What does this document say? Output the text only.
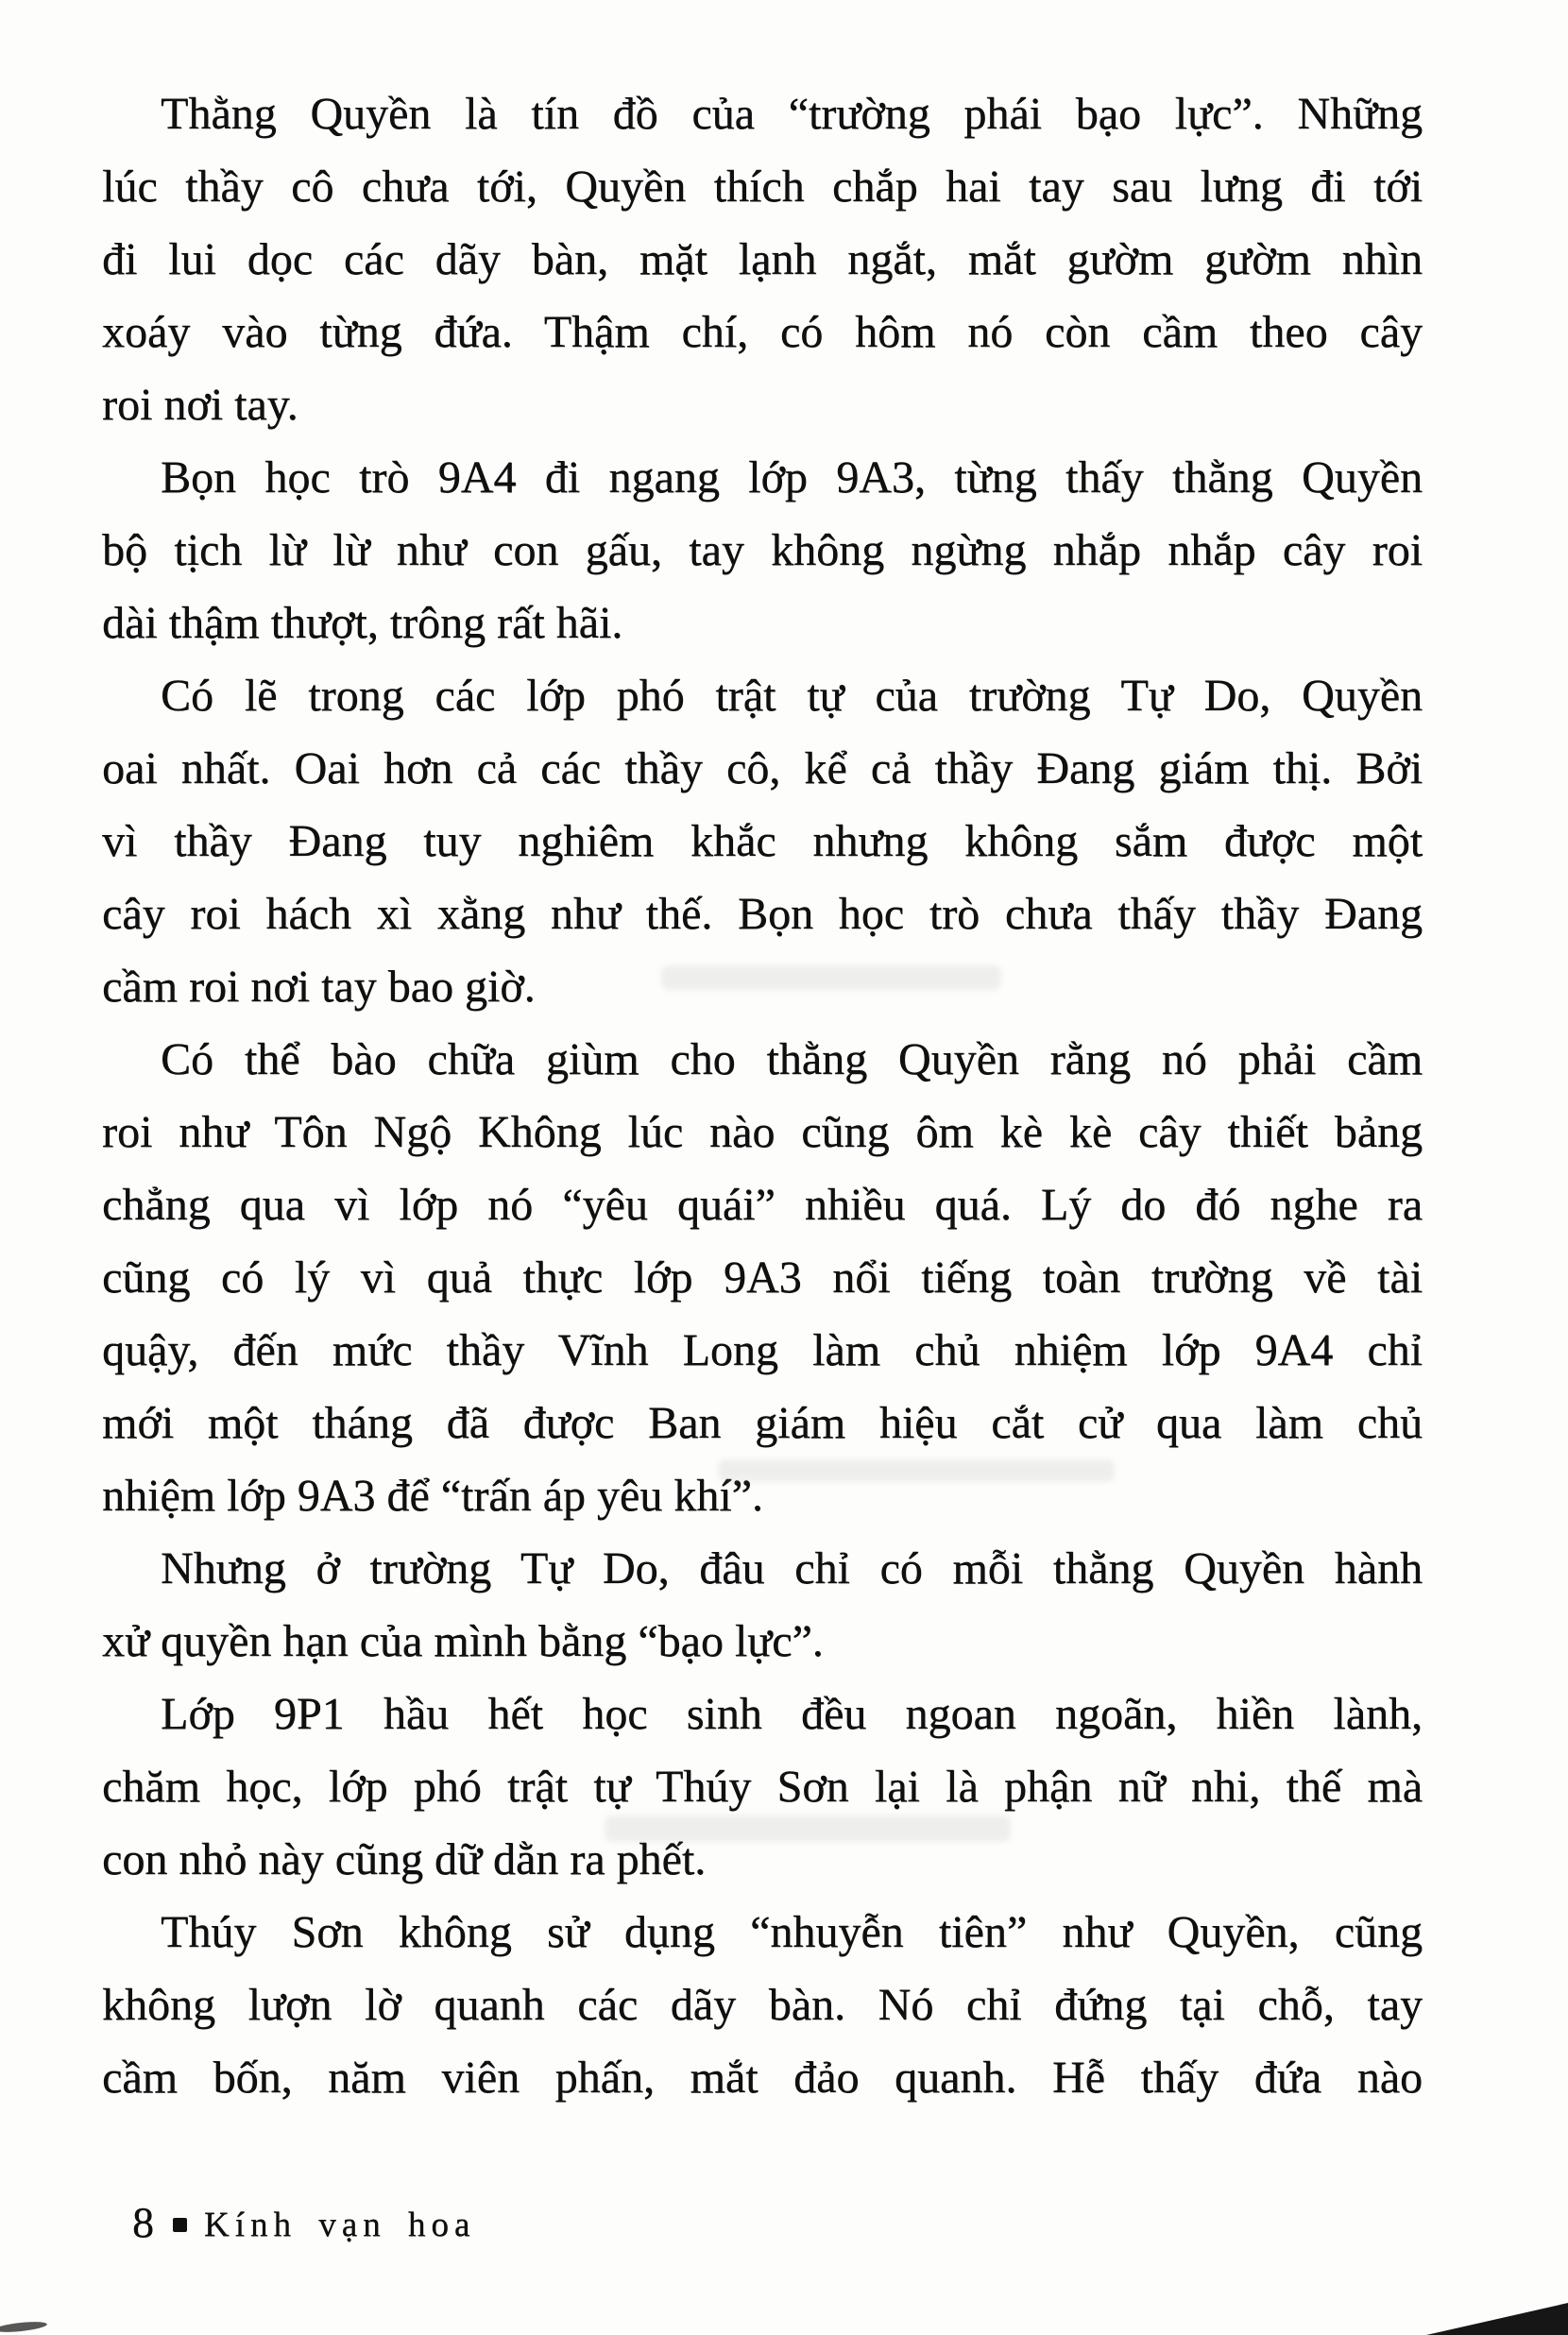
Thằng Quyền là tín đồ của “trường phái bạo lực”. Những
lúc thầy cô chưa tới, Quyền thích chắp hai tay sau lưng đi tới
đi lui dọc các dãy bàn, mặt lạnh ngắt, mắt gườm gườm nhìn
xoáy vào từng đứa. Thậm chí, có hôm nó còn cầm theo cây
roi nơi tay.
Bọn học trò 9A4 đi ngang lớp 9A3, từng thấy thằng Quyền
bộ tịch lừ lừ như con gấu, tay không ngừng nhắp nhắp cây roi
dài thậm thượt, trông rất hãi.
Có lẽ trong các lớp phó trật tự của trường Tự Do, Quyền
oai nhất. Oai hơn cả các thầy cô, kể cả thầy Đang giám thị. Bởi
vì thầy Đang tuy nghiêm khắc nhưng không sắm được một
cây roi hách xì xằng như thế. Bọn học trò chưa thấy thầy Đang
cầm roi nơi tay bao giờ.
Có thể bào chữa giùm cho thằng Quyền rằng nó phải cầm
roi như Tôn Ngộ Không lúc nào cũng ôm kè kè cây thiết bảng
chẳng qua vì lớp nó “yêu quái” nhiều quá. Lý do đó nghe ra
cũng có lý vì quả thực lớp 9A3 nổi tiếng toàn trường về tài
quậy, đến mức thầy Vĩnh Long làm chủ nhiệm lớp 9A4 chỉ
mới một tháng đã được Ban giám hiệu cắt cử qua làm chủ
nhiệm lớp 9A3 để “trấn áp yêu khí”.
Nhưng ở trường Tự Do, đâu chỉ có mỗi thằng Quyền hành
xử quyền hạn của mình bằng “bạo lực”.
Lớp 9P1 hầu hết học sinh đều ngoan ngoãn, hiền lành,
chăm học, lớp phó trật tự Thúy Sơn lại là phận nữ nhi, thế mà
con nhỏ này cũng dữ dằn ra phết.
Thúy Sơn không sử dụng “nhuyễn tiên” như Quyền, cũng
không lượn lờ quanh các dãy bàn. Nó chỉ đứng tại chỗ, tay
cầm bốn, năm viên phấn, mắt đảo quanh. Hễ thấy đứa nào
8 Kính vạn hoa
